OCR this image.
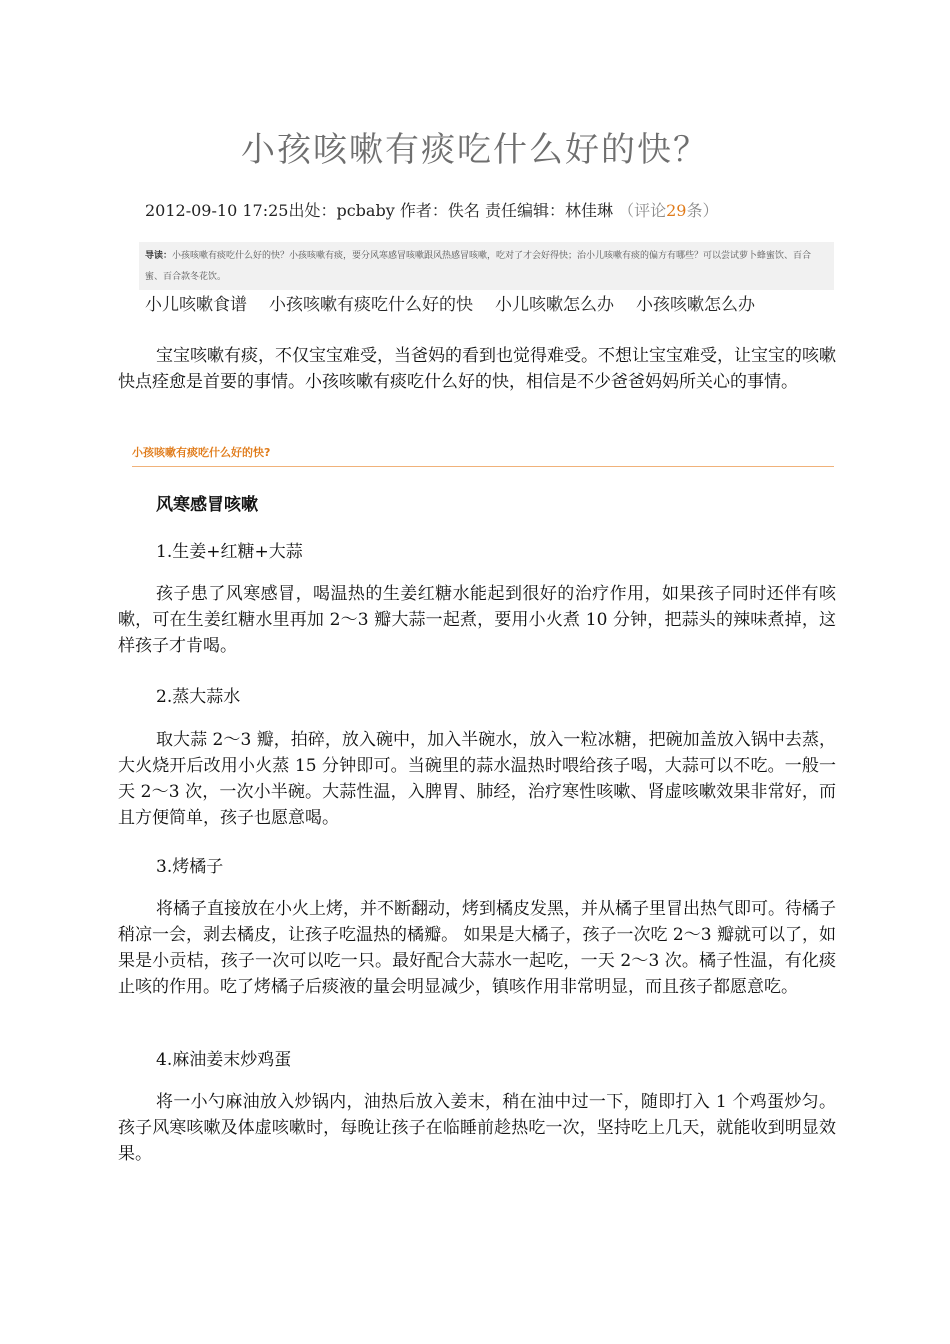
小孩咳嗽有痰吃什么好的快？
2012-09-10 17:25出处：pcbaby 作者：佚名 责任编辑：林佳琳 （评论29条）
导读：小孩咳嗽有痰吃什么好的快？小孩咳嗽有痰，要分风寒感冒咳嗽跟风热感冒咳嗽，吃对了才会好得快；治小儿咳嗽有痰的偏方有哪些？可以尝试萝卜蜂蜜饮、百合蜜、百合款冬花饮。
小儿咳嗽食谱 小孩咳嗽有痰吃什么好的快 小儿咳嗽怎么办 小孩咳嗽怎么办

宝宝咳嗽有痰，不仅宝宝难受，当爸妈的看到也觉得难受。不想让宝宝难受，让宝宝的咳嗽快点痊愈是首要的事情。小孩咳嗽有痰吃什么好的快，相信是不少爸爸妈妈所关心的事情。

小孩咳嗽有痰吃什么好的快?
风寒感冒咳嗽

1.生姜+红糖+大蒜

孩子患了风寒感冒，喝温热的生姜红糖水能起到很好的治疗作用，如果孩子同时还伴有咳嗽，可在生姜红糖水里再加 2～3 瓣大蒜一起煮，要用小火煮 10 分钟，把蒜头的辣味煮掉，这样孩子才肯喝。

2.蒸大蒜水

取大蒜 2～3 瓣，拍碎，放入碗中，加入半碗水，放入一粒冰糖，把碗加盖放入锅中去蒸，大火烧开后改用小火蒸 15 分钟即可。当碗里的蒜水温热时喂给孩子喝，大蒜可以不吃。一般一天 2～3 次，一次小半碗。大蒜性温，入脾胃、肺经，治疗寒性咳嗽、肾虚咳嗽效果非常好，而且方便简单，孩子也愿意喝。

3.烤橘子

将橘子直接放在小火上烤，并不断翻动，烤到橘皮发黑，并从橘子里冒出热气即可。待橘子稍凉一会，剥去橘皮，让孩子吃温热的橘瓣。 如果是大橘子，孩子一次吃 2～3 瓣就可以了，如果是小贡桔，孩子一次可以吃一只。最好配合大蒜水一起吃，一天 2～3 次。橘子性温，有化痰止咳的作用。吃了烤橘子后痰液的量会明显减少，镇咳作用非常明显，而且孩子都愿意吃。

4.麻油姜末炒鸡蛋

将一小勺麻油放入炒锅内，油热后放入姜末，稍在油中过一下，随即打入 1 个鸡蛋炒匀。孩子风寒咳嗽及体虚咳嗽时，每晚让孩子在临睡前趁热吃一次，坚持吃上几天，就能收到明显效果。
